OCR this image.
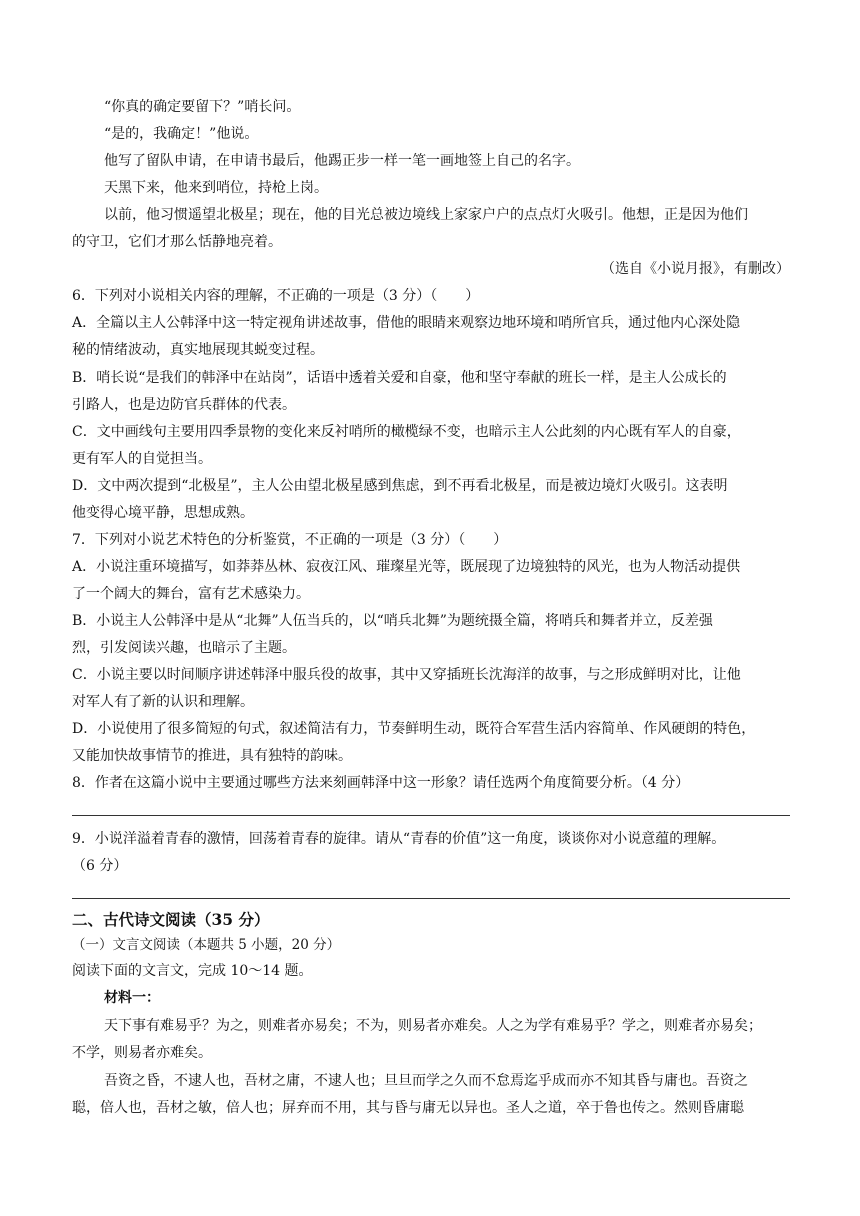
“你真的确定要留下？”哨长问。
“是的，我确定！”他说。
他写了留队申请，在申请书最后，他踢正步一样一笔一画地签上自己的名字。
天黑下来，他来到哨位，持枪上岗。
以前，他习惯遥望北极星；现在，他的目光总被边境线上家家户户的点点灯火吸引。他想，正是因为他们
的守卫，它们才那么恬静地亮着。
（选自《小说月报》，有删改）
6．下列对小说相关内容的理解，不正确的一项是（3 分）（　　）
A．全篇以主人公韩泽中这一特定视角讲述故事，借他的眼睛来观察边地环境和哨所官兵，通过他内心深处隐
秘的情绪波动，真实地展现其蜕变过程。
B．哨长说“是我们的韩泽中在站岗”，话语中透着关爱和自豪，他和坚守奉献的班长一样，是主人公成长的
引路人，也是边防官兵群体的代表。
C．文中画线句主要用四季景物的变化来反衬哨所的橄榄绿不变，也暗示主人公此刻的内心既有军人的自豪，
更有军人的自觉担当。
D．文中两次提到“北极星”，主人公由望北极星感到焦虑，到不再看北极星，而是被边境灯火吸引。这表明
他变得心境平静，思想成熟。
7．下列对小说艺术特色的分析鉴赏，不正确的一项是（3 分）（　　）
A．小说注重环境描写，如莽莽丛林、寂夜江风、璀璨星光等，既展现了边境独特的风光，也为人物活动提供
了一个阔大的舞台，富有艺术感染力。
B．小说主人公韩泽中是从“北舞”人伍当兵的，以“哨兵北舞”为题统摄全篇，将哨兵和舞者并立，反差强
烈，引发阅读兴趣，也暗示了主题。
C．小说主要以时间顺序讲述韩泽中服兵役的故事，其中又穿插班长沈海洋的故事，与之形成鲜明对比，让他
对军人有了新的认识和理解。
D．小说使用了很多简短的句式，叙述简洁有力，节奏鲜明生动，既符合军营生活内容简单、作风硬朗的特色，
又能加快故事情节的推进，具有独特的韵味。
8．作者在这篇小说中主要通过哪些方法来刻画韩泽中这一形象？请任选两个角度简要分析。（4 分）
9．小说洋溢着青春的激情，回荡着青春的旋律。请从“青春的价值”这一角度，谈谈你对小说意蕴的理解。
（6 分）
二、古代诗文阅读（35 分）
（一）文言文阅读（本题共 5 小题，20 分）
阅读下面的文言文，完成 10～14 题。
材料一：
天下事有难易乎？为之，则难者亦易矣；不为，则易者亦难矣。人之为学有难易乎？学之，则难者亦易矣；
不学，则易者亦难矣。
吾资之昏，不逮人也，吾材之庸，不逮人也；旦旦而学之久而不怠焉迄乎成而亦不知其昏与庸也。吾资之
聪，倍人也，吾材之敏，倍人也；屏弃而不用，其与昏与庸无以异也。圣人之道，卒于鲁也传之。然则昏庸聪
